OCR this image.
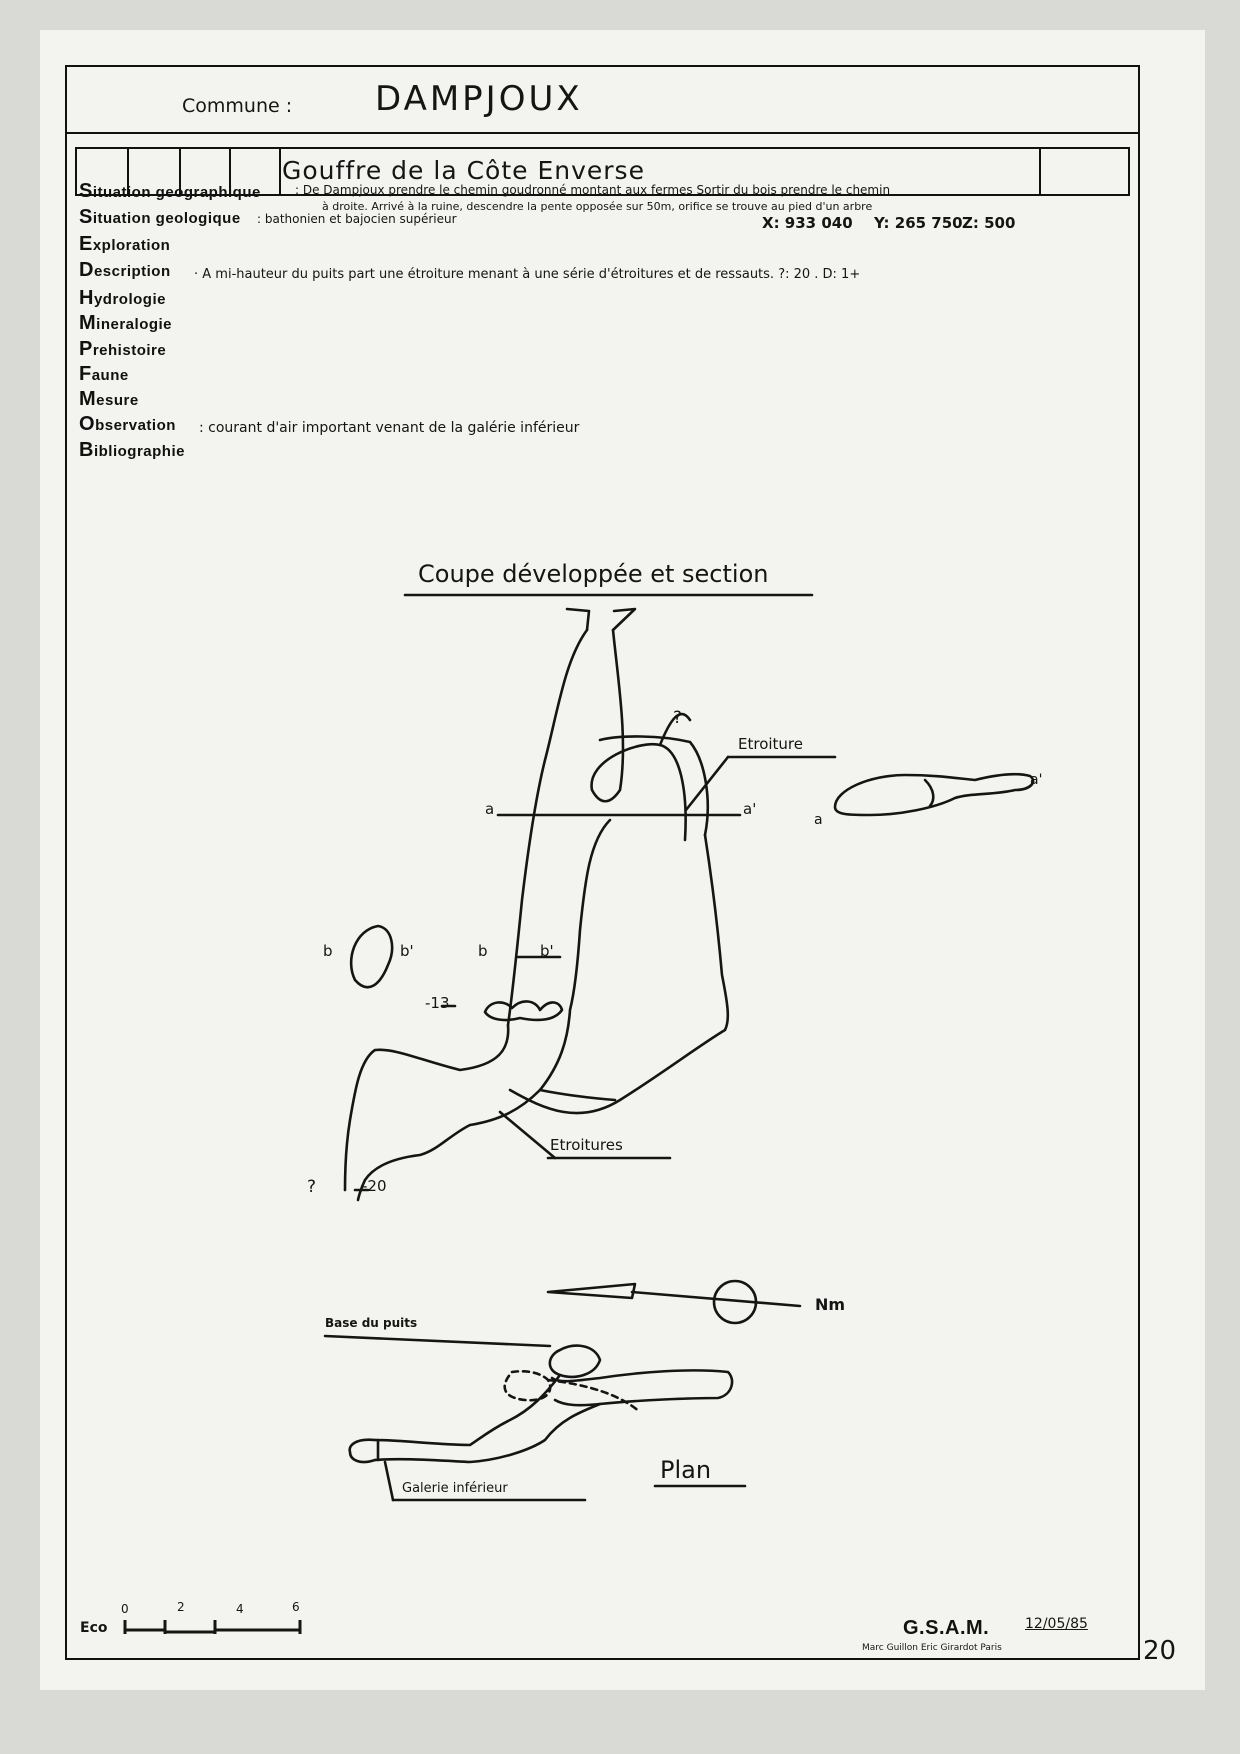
Commune : DAMPJOUX
Gouffre de la Côte Enverse
Situation geographique	: De Dampjoux prendre le chemin goudronné montant aux fermes Sortir du bois prendre le chemin
à droite. Arrivé à la ruine, descendre la pente opposée sur 50m, orifice se trouve au pied d'un arbre
Situation geologique : bathonien et bajocien supérieur	X: 933 040 Y: 265 750 Z: 500
Exploration
Description · A mi-hauteur du puits part une étroiture menant à une série d'étroitures et de ressauts. ?: 20 . D: 1+
Hydrologie
Mineralogie
Prehistoire
Faune
Mesure
Observation : courant d'air important venant de la galérie inférieur
Bibliographie
Coupe développée et section
?
Etroiture
a	a'
a
a'
b	b'	b	b'
-13
Etroitures
?	-20
Nm
Base du puits
Plan
Galerie inférieur
Eco
0	2	4	6
G.S.A.M.	12/05/85
Marc Guillon Eric Girardot Paris	20
